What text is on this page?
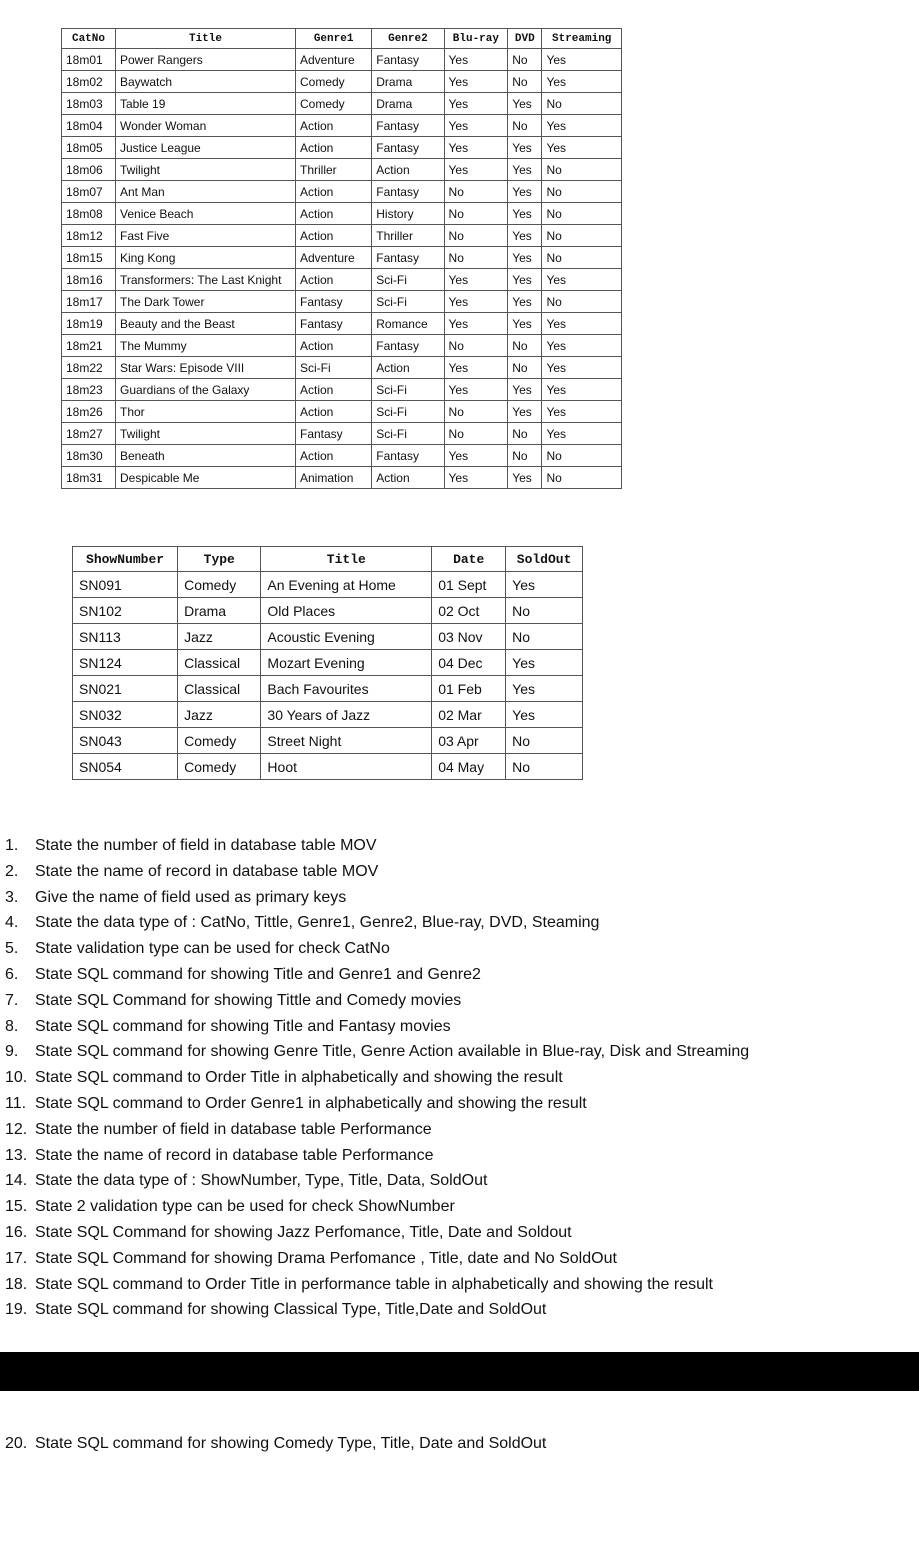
CatNo	Title	Genre1	Genre2	Blu-ray	DVD	Streaming
18m01	Power Rangers	Adventure	Fantasy	Yes	No	Yes
18m02	Baywatch	Comedy	Drama	Yes	No	Yes
18m03	Table 19	Comedy	Drama	Yes	Yes	No
18m04	Wonder Woman	Action	Fantasy	Yes	No	Yes
18m05	Justice League	Action	Fantasy	Yes	Yes	Yes
18m06	Twilight	Thriller	Action	Yes	Yes	No
18m07	Ant Man	Action	Fantasy	No	Yes	No
18m08	Venice Beach	Action	History	No	Yes	No
18m12	Fast Five	Action	Thriller	No	Yes	No
18m15	King Kong	Adventure	Fantasy	No	Yes	No
18m16	Transformers: The Last Knight	Action	Sci-Fi	Yes	Yes	Yes
18m17	The Dark Tower	Fantasy	Sci-Fi	Yes	Yes	No
18m19	Beauty and the Beast	Fantasy	Romance	Yes	Yes	Yes
18m21	The Mummy	Action	Fantasy	No	No	Yes
18m22	Star Wars: Episode VIII	Sci-Fi	Action	Yes	No	Yes
18m23	Guardians of the Galaxy	Action	Sci-Fi	Yes	Yes	Yes
18m26	Thor	Action	Sci-Fi	No	Yes	Yes
18m27	Twilight	Fantasy	Sci-Fi	No	No	Yes
18m30	Beneath	Action	Fantasy	Yes	No	No
18m31	Despicable Me	Animation	Action	Yes	Yes	No
ShowNumber	Type	Title	Date	SoldOut
SN091	Comedy	An Evening at Home	01 Sept	Yes
SN102	Drama	Old Places	02 Oct	No
SN113	Jazz	Acoustic Evening	03 Nov	No
SN124	Classical	Mozart Evening	04 Dec	Yes
SN021	Classical	Bach Favourites	01 Feb	Yes
SN032	Jazz	30 Years of Jazz	02 Mar	Yes
SN043	Comedy	Street Night	03 Apr	No
SN054	Comedy	Hoot	04 May	No
1. State the number of field in database table MOV
2. State the name of record in database table MOV
3. Give the name of field used as primary keys
4. State the data type of : CatNo, Tittle, Genre1, Genre2, Blue-ray, DVD, Steaming
5. State validation type can be used for check CatNo
6. State SQL command for showing Title and Genre1 and Genre2
7. State SQL Command for showing Tittle and Comedy movies
8. State SQL command for showing Title and Fantasy movies
9. State SQL command for showing Genre Title, Genre Action available in Blue-ray, Disk and Streaming
10. State SQL command to Order Title in alphabetically and showing the result
11. State SQL command to Order Genre1 in alphabetically and showing the result
12. State the number of field in database table Performance
13. State the name of record in database table Performance
14. State the data type of : ShowNumber, Type, Title, Data, SoldOut
15. State 2 validation type can be used for check ShowNumber
16. State SQL Command for showing Jazz Perfomance, Title, Date and Soldout
17. State SQL Command for showing Drama Perfomance , Title, date and No SoldOut
18. State SQL command to Order Title in performance table in alphabetically and showing the result
19. State SQL command for showing Classical Type, Title,Date and SoldOut
20. State SQL command for showing Comedy Type, Title, Date and SoldOut
